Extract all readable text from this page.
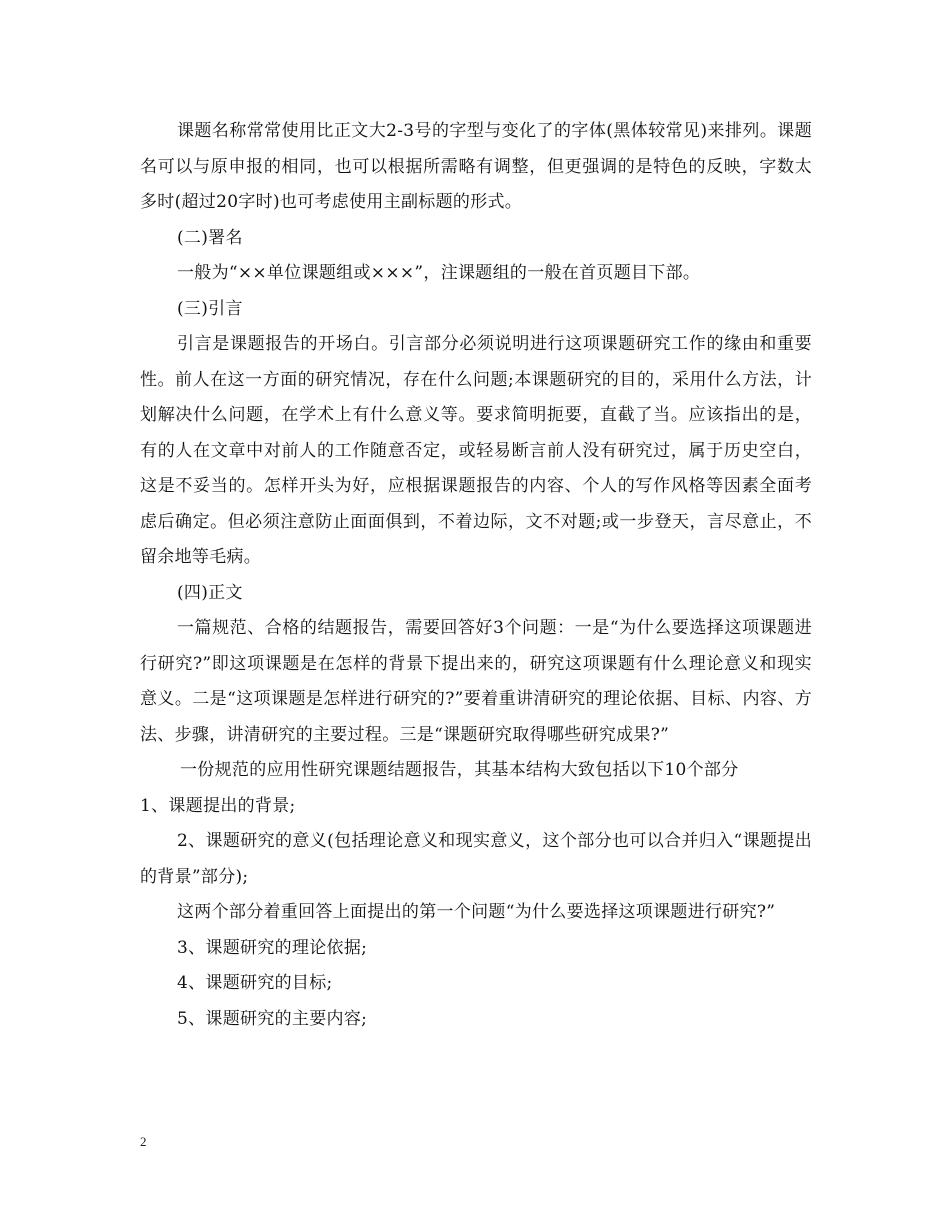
课题名称常常使用比正文大2-3号的字型与变化了的字体(黑体较常见)来排列。课题名可以与原申报的相同，也可以根据所需略有调整，但更强调的是特色的反映，字数太多时(超过20字时)也可考虑使用主副标题的形式。

(二)署名

一般为“××单位课题组或×××”，注课题组的一般在首页题目下部。

(三)引言

引言是课题报告的开场白。引言部分必须说明进行这项课题研究工作的缘由和重要性。前人在这一方面的研究情况，存在什么问题;本课题研究的目的，采用什么方法，计划解决什么问题，在学术上有什么意义等。要求简明扼要，直截了当。应该指出的是，有的人在文章中对前人的工作随意否定，或轻易断言前人没有研究过，属于历史空白，这是不妥当的。怎样开头为好，应根据课题报告的内容、个人的写作风格等因素全面考虑后确定。但必须注意防止面面俱到，不着边际，文不对题;或一步登天，言尽意止，不留余地等毛病。

(四)正文

一篇规范、合格的结题报告，需要回答好3个问题：一是“为什么要选择这项课题进行研究?”即这项课题是在怎样的背景下提出来的，研究这项课题有什么理论意义和现实意义。二是“这项课题是怎样进行研究的?”要着重讲清研究的理论依据、目标、内容、方法、步骤，讲清研究的主要过程。三是“课题研究取得哪些研究成果?”

一份规范的应用性研究课题结题报告，其基本结构大致包括以下10个部分

1、课题提出的背景;

2、课题研究的意义(包括理论意义和现实意义，这个部分也可以合并归入“课题提出的背景”部分);

这两个部分着重回答上面提出的第一个问题“为什么要选择这项课题进行研究?”

3、课题研究的理论依据;

4、课题研究的目标;

5、课题研究的主要内容;

2
